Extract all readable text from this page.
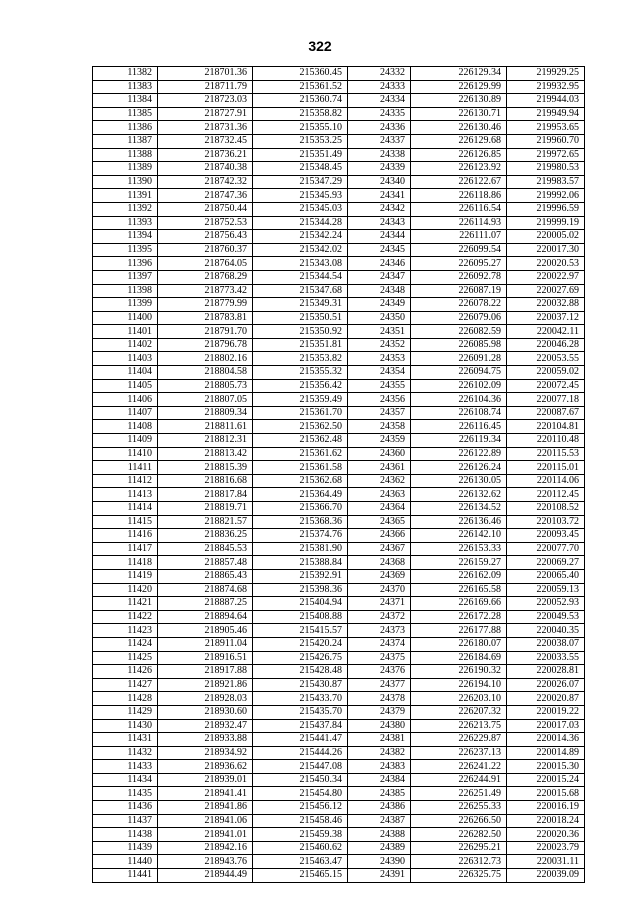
322
11382	218701.36	215360.45	24332	226129.34	219929.25
11383	218711.79	215361.52	24333	226129.99	219932.95
11384	218723.03	215360.74	24334	226130.89	219944.03
11385	218727.91	215358.82	24335	226130.71	219949.94
11386	218731.36	215355.10	24336	226130.46	219953.65
11387	218732.45	215353.25	24337	226129.68	219960.70
11388	218736.21	215351.49	24338	226126.85	219972.65
11389	218740.38	215348.45	24339	226123.92	219980.53
11390	218742.32	215347.29	24340	226122.67	219983.57
11391	218747.36	215345.93	24341	226118.86	219992.06
11392	218750.44	215345.03	24342	226116.54	219996.59
11393	218752.53	215344.28	24343	226114.93	219999.19
11394	218756.43	215342.24	24344	226111.07	220005.02
11395	218760.37	215342.02	24345	226099.54	220017.30
11396	218764.05	215343.08	24346	226095.27	220020.53
11397	218768.29	215344.54	24347	226092.78	220022.97
11398	218773.42	215347.68	24348	226087.19	220027.69
11399	218779.99	215349.31	24349	226078.22	220032.88
11400	218783.81	215350.51	24350	226079.06	220037.12
11401	218791.70	215350.92	24351	226082.59	220042.11
11402	218796.78	215351.81	24352	226085.98	220046.28
11403	218802.16	215353.82	24353	226091.28	220053.55
11404	218804.58	215355.32	24354	226094.75	220059.02
11405	218805.73	215356.42	24355	226102.09	220072.45
11406	218807.05	215359.49	24356	226104.36	220077.18
11407	218809.34	215361.70	24357	226108.74	220087.67
11408	218811.61	215362.50	24358	226116.45	220104.81
11409	218812.31	215362.48	24359	226119.34	220110.48
11410	218813.42	215361.62	24360	226122.89	220115.53
11411	218815.39	215361.58	24361	226126.24	220115.01
11412	218816.68	215362.68	24362	226130.05	220114.06
11413	218817.84	215364.49	24363	226132.62	220112.45
11414	218819.71	215366.70	24364	226134.52	220108.52
11415	218821.57	215368.36	24365	226136.46	220103.72
11416	218836.25	215374.76	24366	226142.10	220093.45
11417	218845.53	215381.90	24367	226153.33	220077.70
11418	218857.48	215388.84	24368	226159.27	220069.27
11419	218865.43	215392.91	24369	226162.09	220065.40
11420	218874.68	215398.36	24370	226165.58	220059.13
11421	218887.25	215404.94	24371	226169.66	220052.93
11422	218894.64	215408.88	24372	226172.28	220049.53
11423	218905.46	215415.57	24373	226177.88	220040.35
11424	218911.04	215420.24	24374	226180.07	220038.07
11425	218916.51	215426.75	24375	226184.69	220033.55
11426	218917.88	215428.48	24376	226190.32	220028.81
11427	218921.86	215430.87	24377	226194.10	220026.07
11428	218928.03	215433.70	24378	226203.10	220020.87
11429	218930.60	215435.70	24379	226207.32	220019.22
11430	218932.47	215437.84	24380	226213.75	220017.03
11431	218933.88	215441.47	24381	226229.87	220014.36
11432	218934.92	215444.26	24382	226237.13	220014.89
11433	218936.62	215447.08	24383	226241.22	220015.30
11434	218939.01	215450.34	24384	226244.91	220015.24
11435	218941.41	215454.80	24385	226251.49	220015.68
11436	218941.86	215456.12	24386	226255.33	220016.19
11437	218941.06	215458.46	24387	226266.50	220018.24
11438	218941.01	215459.38	24388	226282.50	220020.36
11439	218942.16	215460.62	24389	226295.21	220023.79
11440	218943.76	215463.47	24390	226312.73	220031.11
11441	218944.49	215465.15	24391	226325.75	220039.09
